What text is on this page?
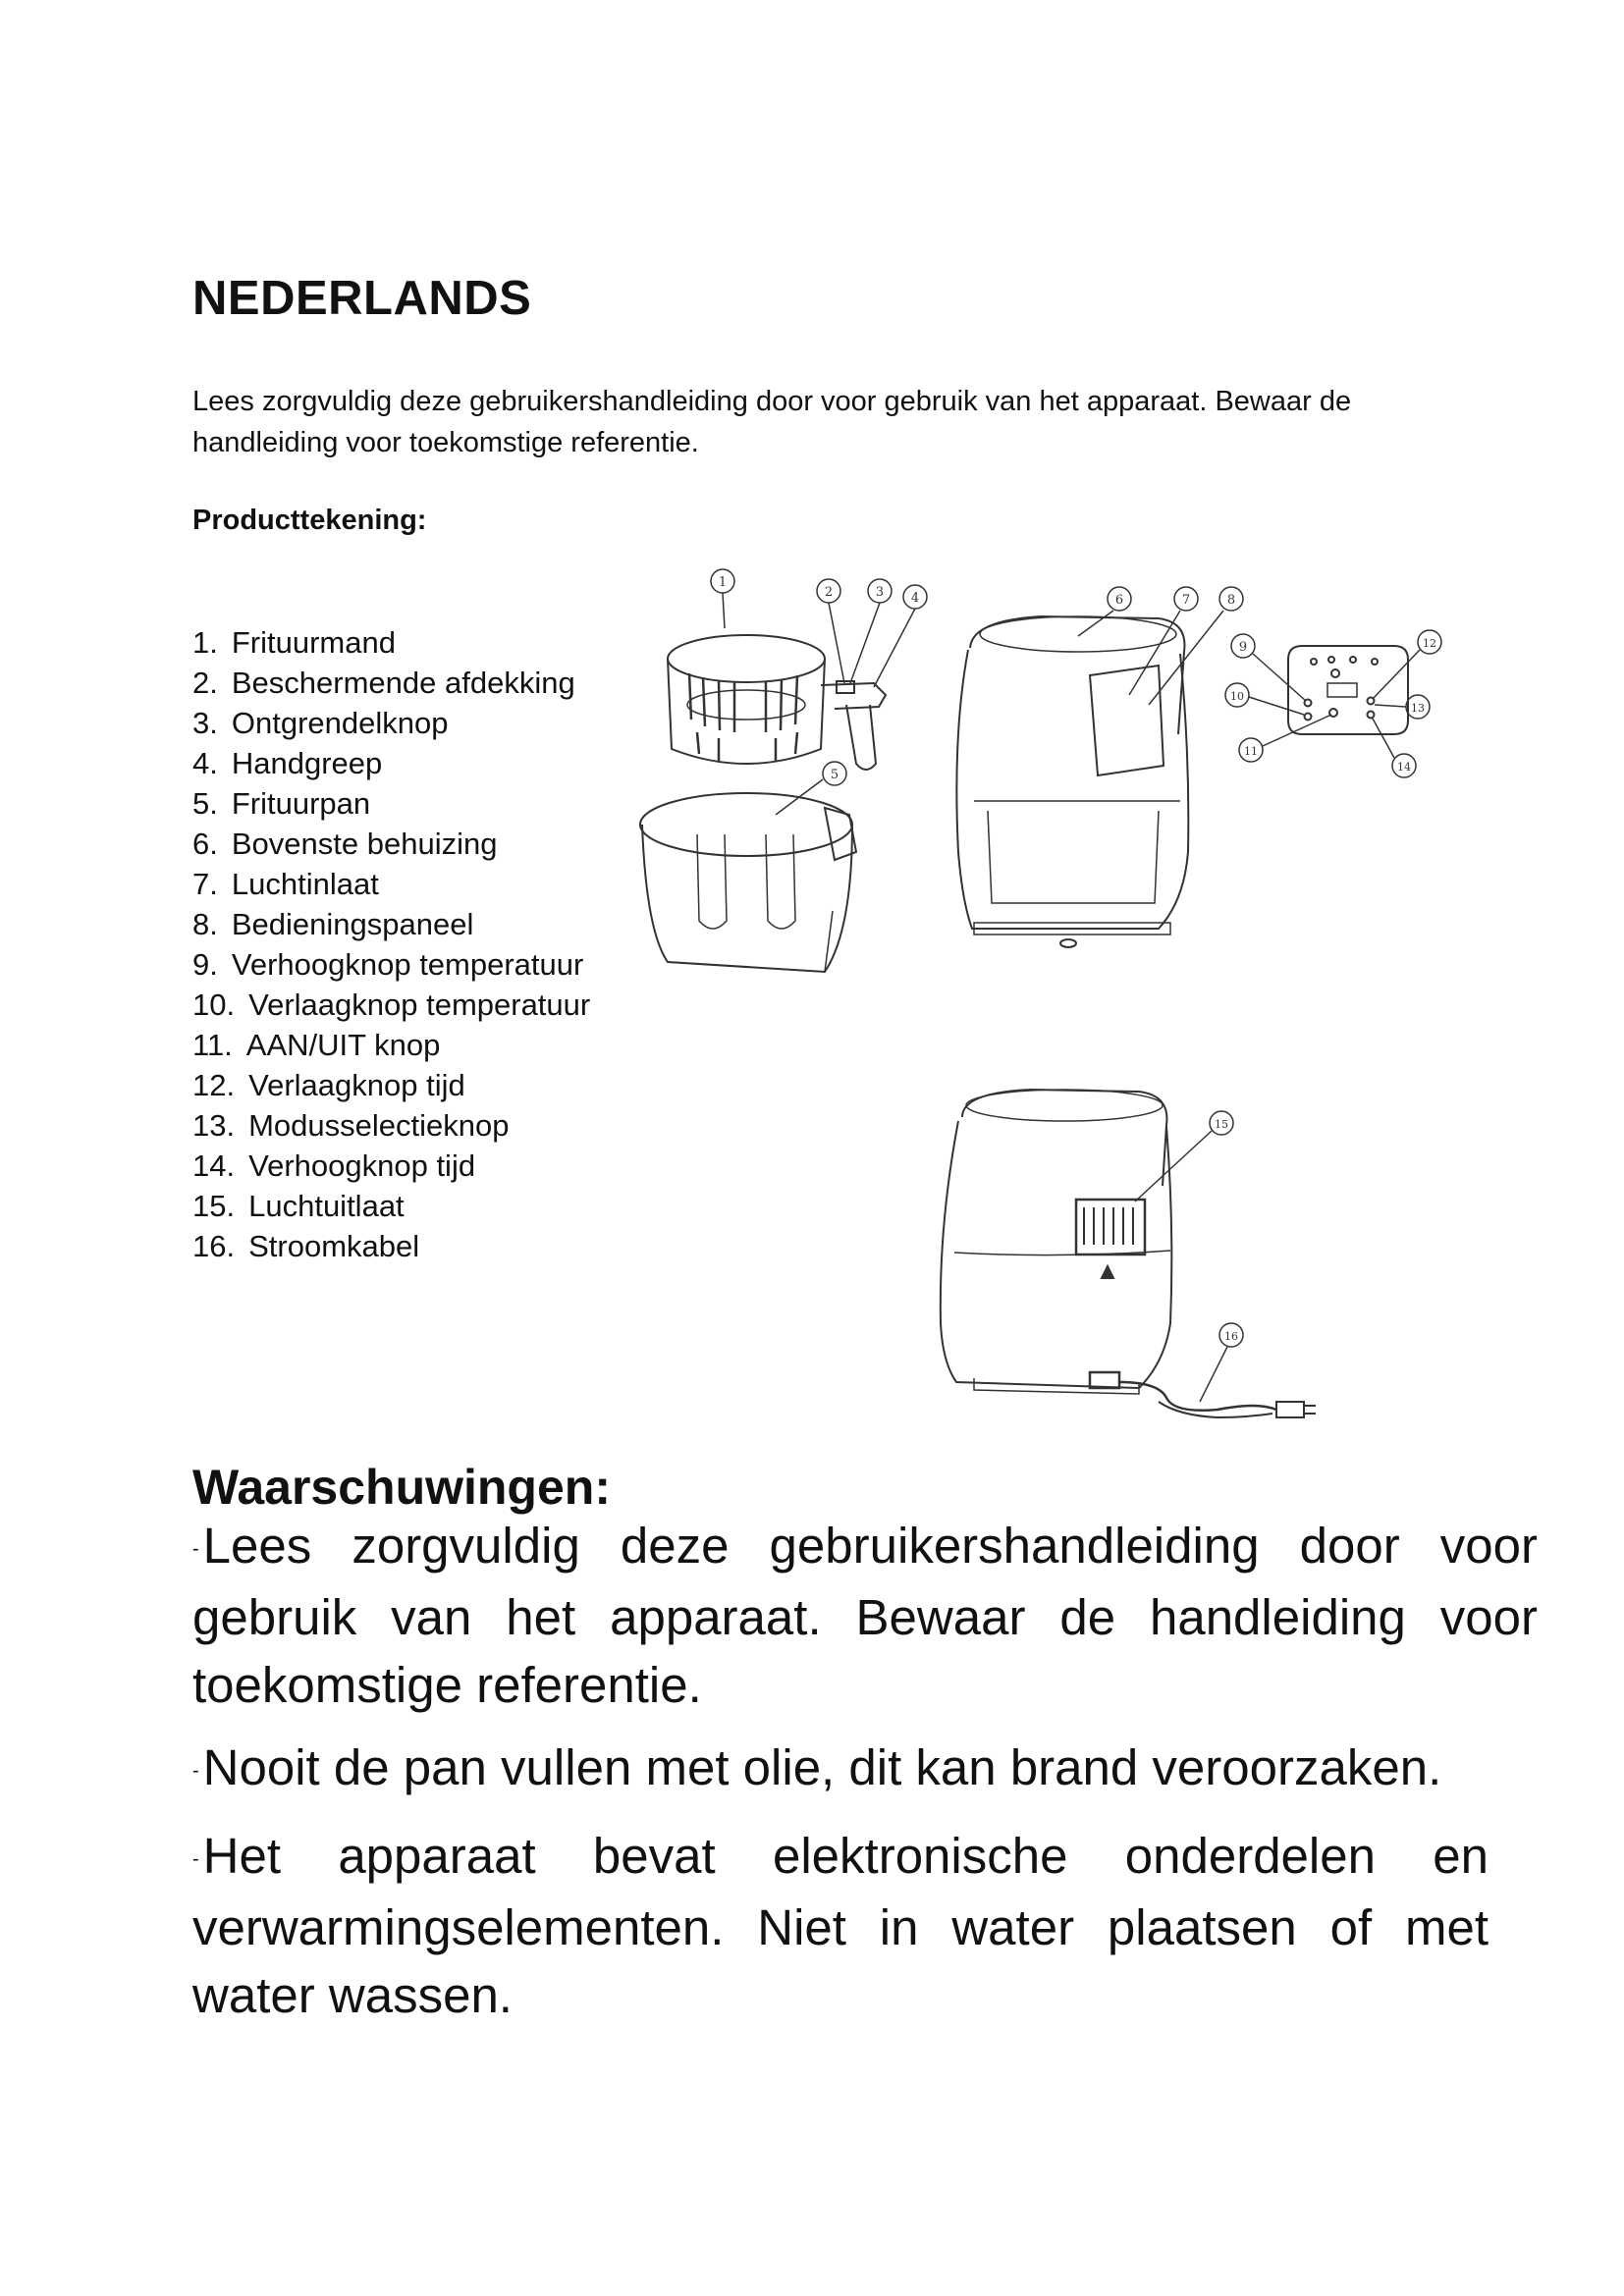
NEDERLANDS

Lees zorgvuldig deze gebruikershandleiding door voor gebruik van het apparaat. Bewaar de handleiding voor toekomstige referentie.

Producttekening:
1. Frituurmand
2. Beschermende afdekking
3. Ontgrendelknop
4. Handgreep
5. Frituurpan
6. Bovenste behuizing
7. Luchtinlaat
8. Bedieningspaneel
9. Verhoogknop temperatuur
10. Verlaagknop temperatuur
11. AAN/UIT knop
12. Verlaagknop tijd
13. Modusselectieknop
14. Verhoogknop tijd
15. Luchtuitlaat
16. Stroomkabel
1
2	3 4
5
6	7	8
9
10
11
12
13
14
15
16
Waarschuwingen:

-Lees zorgvuldig deze gebruikershandleiding door voor gebruik van het apparaat. Bewaar de handleiding voor toekomstige referentie.

-Nooit de pan vullen met olie, dit kan brand veroorzaken.

-Het apparaat bevat elektronische onderdelen en verwarmingselementen. Niet in water plaatsen of met water wassen.
